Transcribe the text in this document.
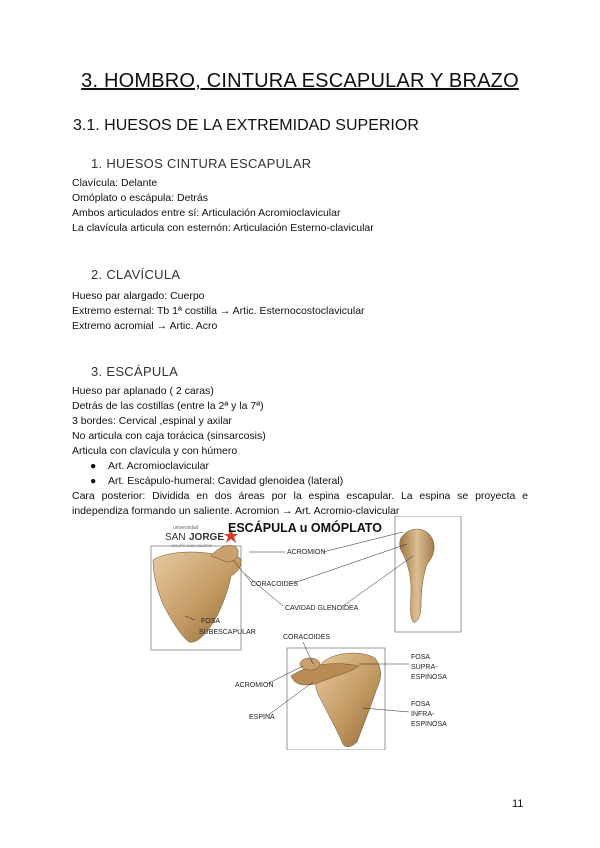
3. HOMBRO, CINTURA ESCAPULAR Y BRAZO
3.1. HUESOS DE LA EXTREMIDAD SUPERIOR
1. HUESOS CINTURA ESCAPULAR

Clavícula: Delante

Omóplato o escápula: Detrás

Ambos articulados entre sí: Articulación Acromioclavicular

La clavícula articula con esternón: Articulación Esterno-clavicular

2. CLAVÍCULA

Hueso par alargado: Cuerpo

Extremo esternal: Tb 1ª costilla → Artic. Esternocostoclavicular

Extremo acromial → Artic. Acro

3. ESCÁPULA

Hueso par aplanado ( 2 caras)

Detrás de las costillas (entre la 2ª y la 7ª)

3 bordes: Cervical ,espinal y axilar

No articula con caja torácica (sinsarcosis)

Articula con clavícula y con húmero

● Art. Acromioclavicular
● Art. Escápulo-humeral: Cavidad glenoidea (lateral)
Cara posterior: Dividida en dos áreas por la espina escapular. La espina se proyecta e independiza formando un saliente. Acromion → Art. Acromio-clavicular
universidad
SAN JORGE
GRUPO SAN VALERO
ESCÁPULA u OMÓPLATO
ACROMION
CORACOIDES
CAVIDAD GLENOIDEA
FOSA
SUBESCAPULAR
CORACOIDES
ACROMION
ESPINA
FOSA
SUPRA-
ESPINOSA
FOSA
INFRA-
ESPINOSA
11
